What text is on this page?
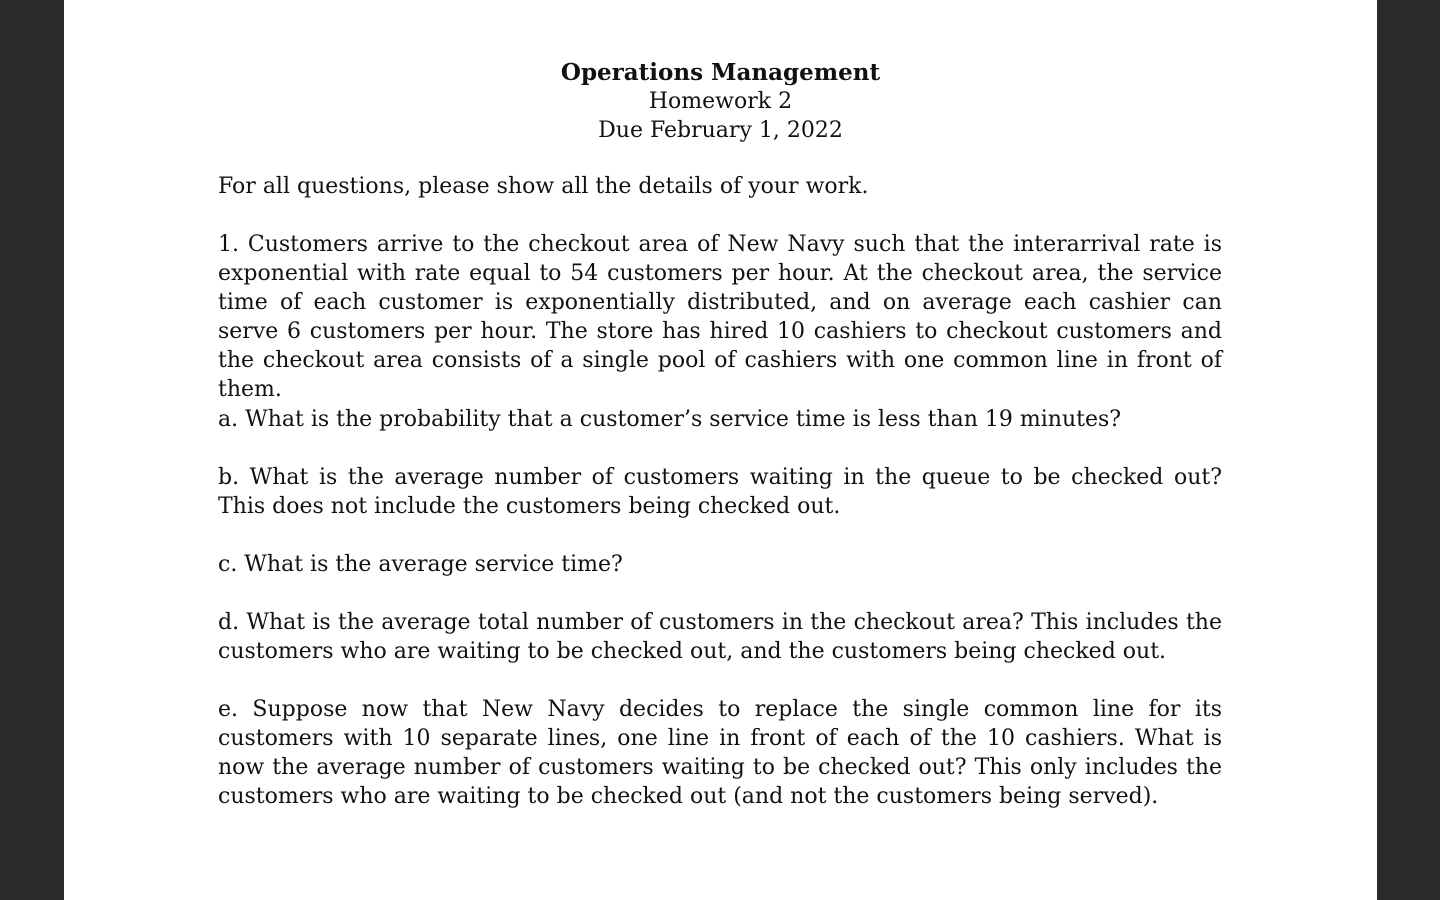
Operations Management
Homework 2
Due February 1, 2022
For all questions, please show all the details of your work.
1. Customers arrive to the checkout area of New Navy such that the interarrival rate is exponential with rate equal to 54 customers per hour. At the checkout area, the service time of each customer is exponentially distributed, and on average each cashier can serve 6 customers per hour. The store has hired 10 cashiers to checkout customers and the checkout area consists of a single pool of cashiers with one common line in front of them.
a. What is the probability that a customer’s service time is less than 19 minutes?
b. What is the average number of customers waiting in the queue to be checked out? This does not include the customers being checked out.
c. What is the average service time?
d. What is the average total number of customers in the checkout area? This includes the customers who are waiting to be checked out, and the customers being checked out.
e. Suppose now that New Navy decides to replace the single common line for its customers with 10 separate lines, one line in front of each of the 10 cashiers. What is now the average number of customers waiting to be checked out? This only includes the customers who are waiting to be checked out (and not the customers being served).
